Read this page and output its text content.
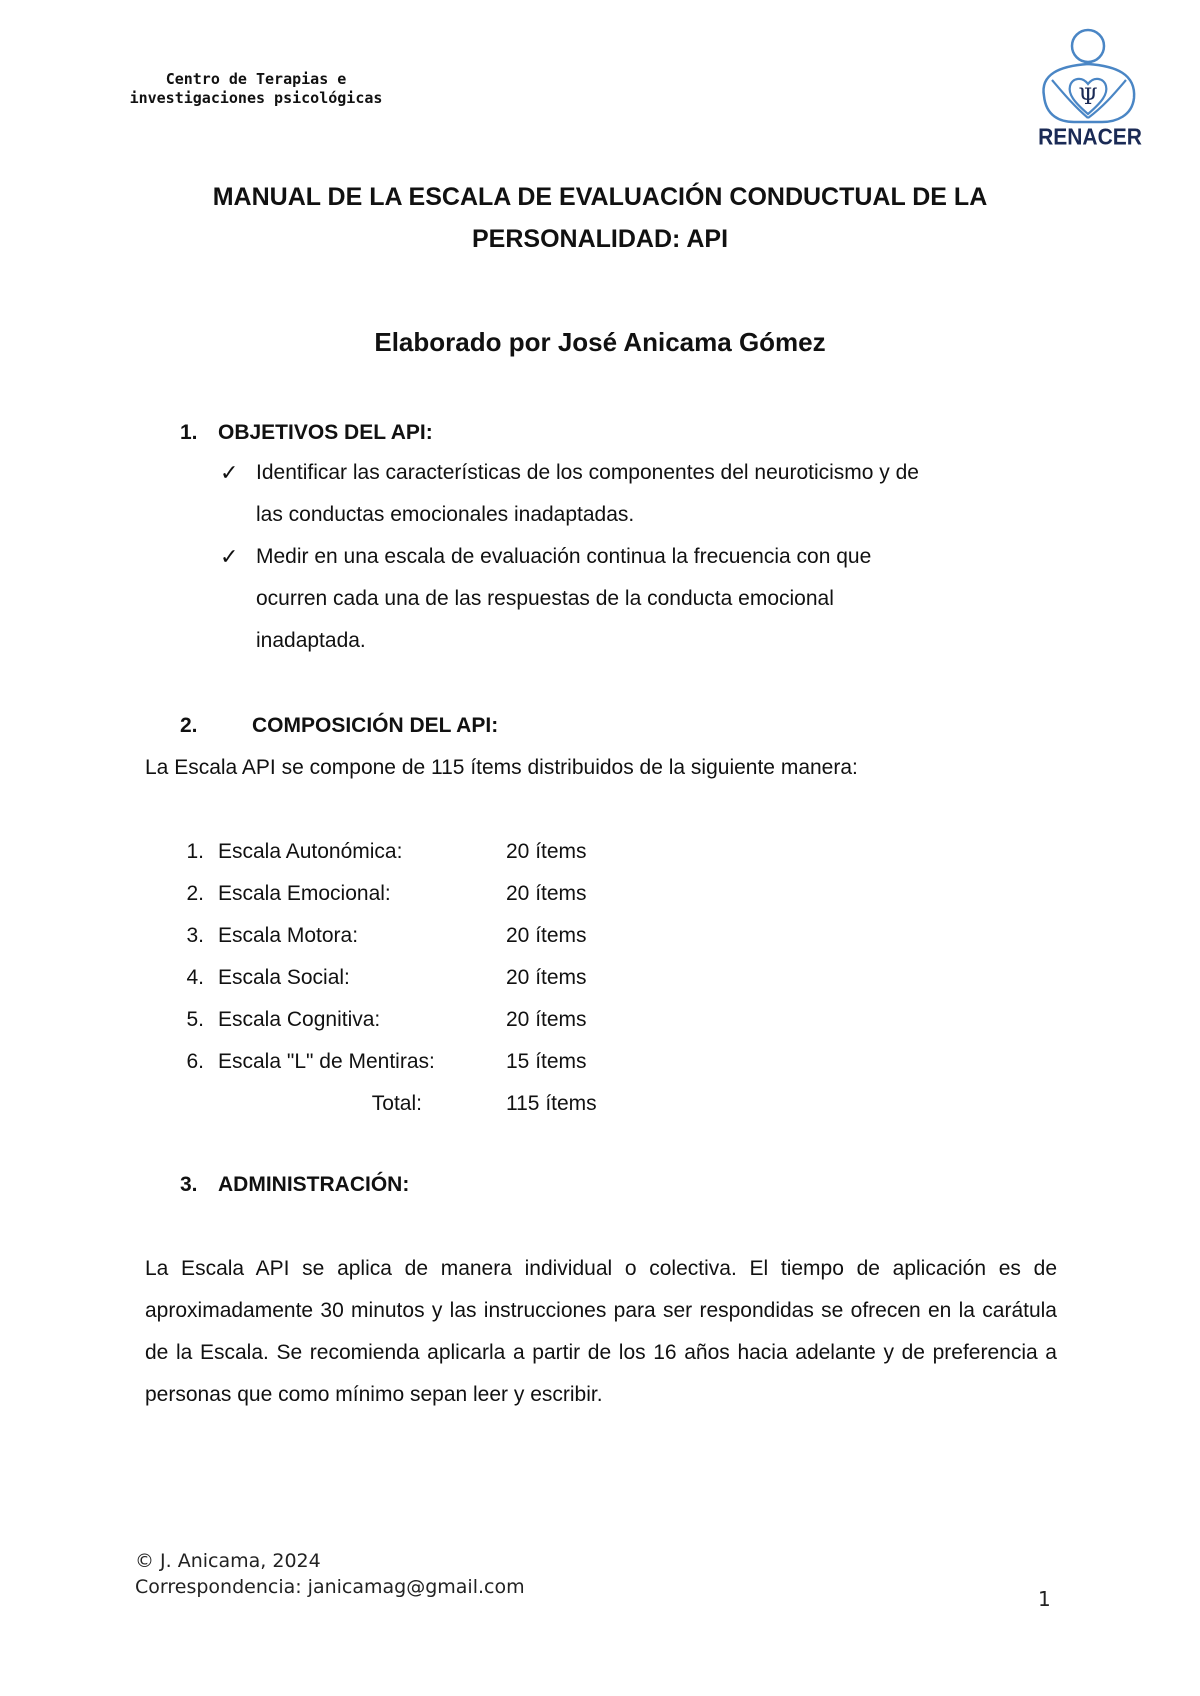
Centro de Terapias e
investigaciones psicológicas	Ψ
RENACER
MANUAL DE LA ESCALA DE EVALUACIÓN CONDUCTUAL DE LA
PERSONALIDAD: API
Elaborado por José Anicama Gómez
1. OBJETIVOS DEL API:
✓ Identificar las características de los componentes del neuroticismo y de
las conductas emocionales inadaptadas.
✓ Medir en una escala de evaluación continua la frecuencia con que
ocurren cada una de las respuestas de la conducta emocional
inadaptada.
2.	COMPOSICIÓN DEL API:
La Escala API se compone de 115 ítems distribuidos de la siguiente manera:
1. Escala Autonómica:	20 ítems
2. Escala Emocional:	20 ítems
3. Escala Motora:	20 ítems
4. Escala Social:	20 ítems
5. Escala Cognitiva:	20 ítems
6. Escala "L" de Mentiras:	15 ítems
Total:	115 ítems
3. ADMINISTRACIÓN:
La Escala API se aplica de manera individual o colectiva. El tiempo de aplicación es de aproximadamente 30 minutos y las instrucciones para ser respondidas se ofrecen en la carátula de la Escala. Se recomienda aplicarla a partir de los 16 años hacia adelante y de preferencia a personas que como mínimo sepan leer y escribir.
© J. Anicama, 2024
Correspondencia: janicamag@gmail.com	1
